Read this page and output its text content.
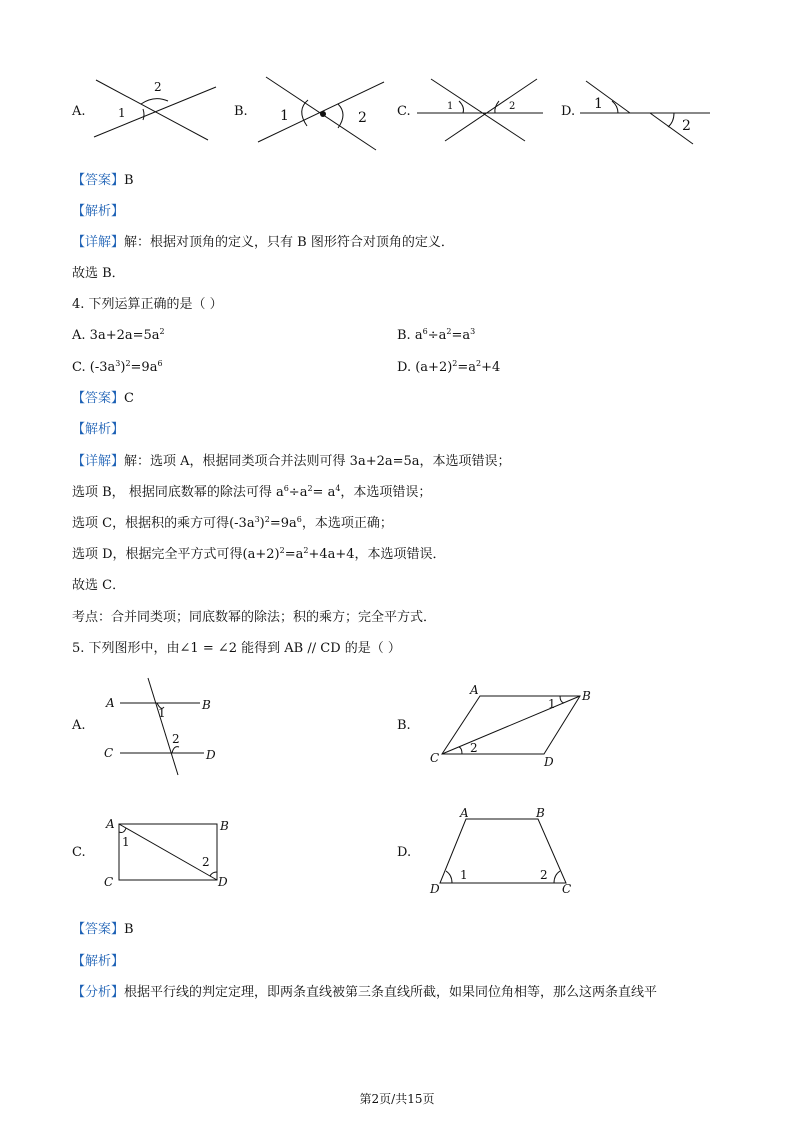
A.
2
1	B. 1	2 C.	1	2	D. 1
2
【答案】B
【解析】
【详解】解：根据对顶角的定义，只有 B 图形符合对顶角的定义．
故选 B．
4. 下列运算正确的是（ ）
A. $3a+2a=5a^2$	B. $a^6\div a^2=a^3$
C. $(-3a^3)^2=9a^6$	D. $(a+2)^2=a^2+4$
【答案】C
【解析】
【详解】解：选项 A，根据同类项合并法则可得 3a+2a=5a，本选项错误；
选项 B， 根据同底数幂的除法可得 $a^6\div a^2= a^4$，本选项错误；
选项 C，根据积的乘方可得$(-3a^3)^2=9a^6$，本选项正确；
选项 D，根据完全平方式可得$(a+2)^2=a^2+4a+4$，本选项错误．
故选 C．
考点：合并同类项；同底数幂的除法；积的乘方；完全平方式．
5. 下列图形中，由∠1 = ∠2 能得到 AB // CD 的是（ ）
A.
A	B
C	D
1
2
B.
A	B
C	D
1
2
C.
A	B
C	D
1
2
D.
A	B
D	C
1	2
【答案】B
【解析】
【分析】根据平行线的判定定理，即两条直线被第三条直线所截，如果同位角相等，那么这两条直线平
第2页/共15页
